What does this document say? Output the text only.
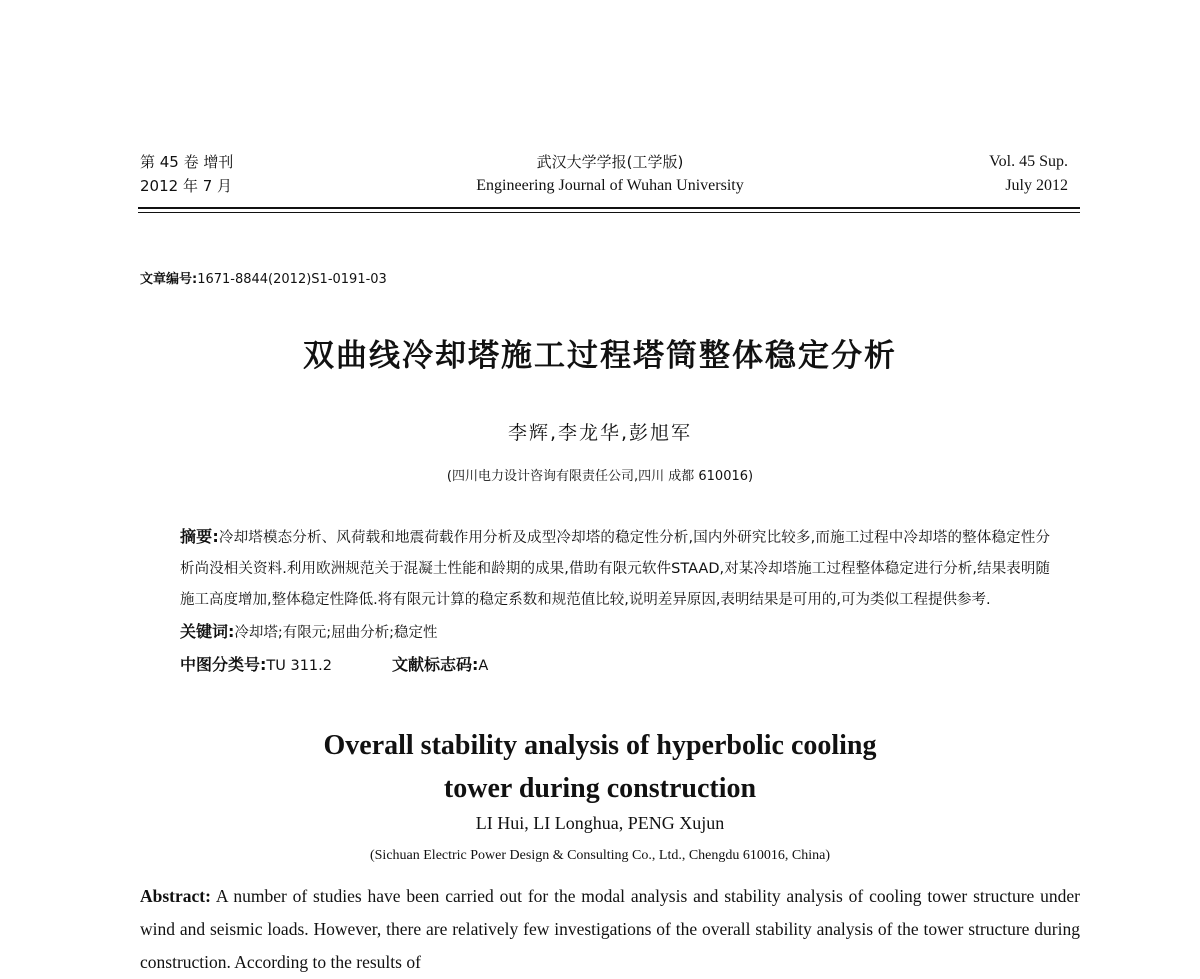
第 45 卷 增刊
2012 年 7 月
武汉大学学报(工学版)
Engineering Journal of Wuhan University
Vol. 45 Sup.
July 2012
文章编号:1671-8844(2012)S1-0191-03
双曲线冷却塔施工过程塔筒整体稳定分析
李辉,李龙华,彭旭军
(四川电力设计咨询有限责任公司,四川 成都 610016)

摘要:冷却塔模态分析、风荷载和地震荷载作用分析及成型冷却塔的稳定性分析,国内外研究比较多,而施工过程中冷却塔的整体稳定性分析尚没相关资料.利用欧洲规范关于混凝土性能和龄期的成果,借助有限元软件STAAD,对某冷却塔施工过程整体稳定进行分析,结果表明随施工高度增加,整体稳定性降低.将有限元计算的稳定系数和规范值比较,说明差异原因,表明结果是可用的,可为类似工程提供参考.

关键词:冷却塔;有限元;屈曲分析;稳定性

中图分类号:TU 311.2	文献标志码:A

Overall stability analysis of hyperbolic cooling
tower during construction
LI Hui, LI Longhua, PENG Xujun
(Sichuan Electric Power Design & Consulting Co., Ltd., Chengdu 610016, China)
Abstract: A number of studies have been carried out for the modal analysis and stability analysis of cooling tower structure under wind and seismic loads. However, there are relatively few investigations of the overall stability analysis of the tower structure during construction. According to the results of
